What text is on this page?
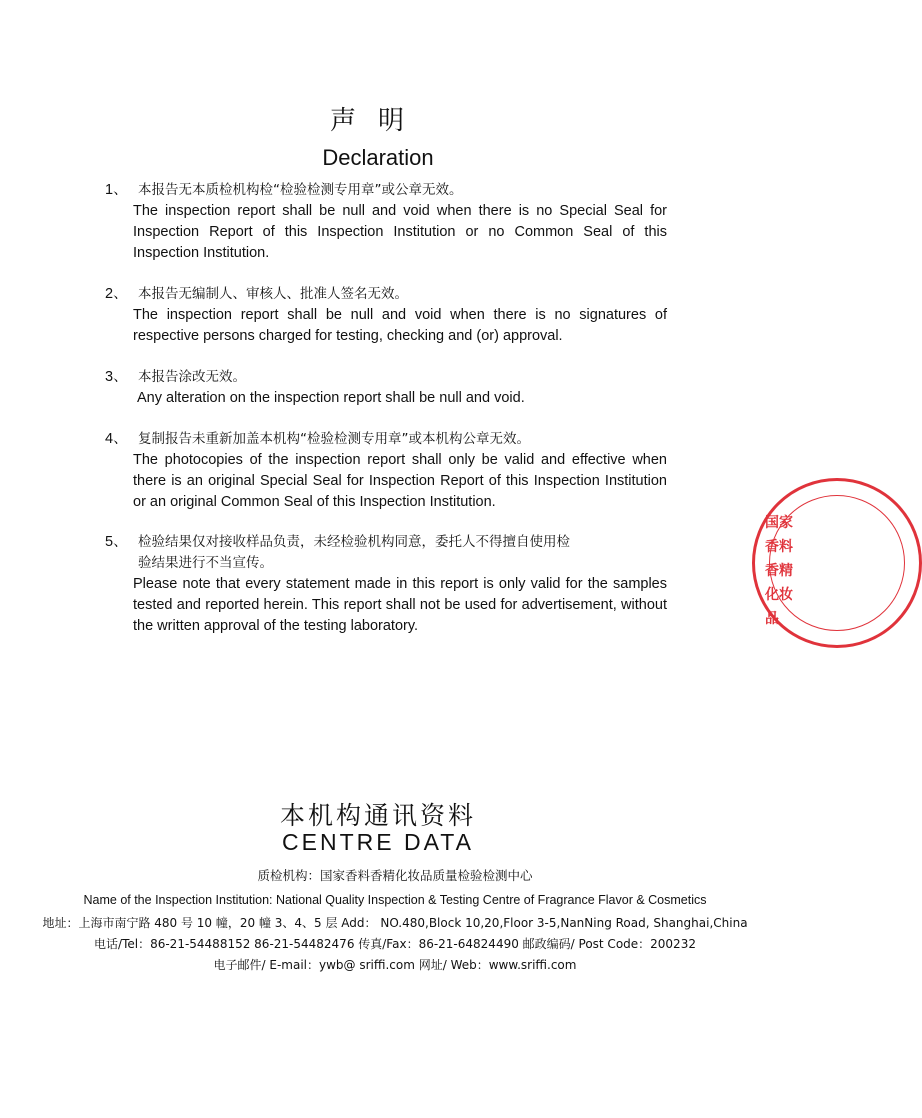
声明
Declaration
1、 本报告无本质检机构检“检验检测专用章”或公章无效。
The inspection report shall be null and void when there is no Special Seal for Inspection Report of this Inspection Institution or no Common Seal of this Inspection Institution.
2、 本报告无编制人、审核人、批准人签名无效。
The inspection report shall be null and void when there is no signatures of respective persons charged for testing, checking and (or) approval.
3、 本报告涂改无效。
Any alteration on the inspection report shall be null and void.
4、 复制报告未重新加盖本机构“检验检测专用章”或本机构公章无效。
The photocopies of the inspection report shall only be valid and effective when there is an original Special Seal for Inspection Report of this Inspection Institution or an original Common Seal of this Inspection Institution.
5、 检验结果仅对接收样品负责，未经检验机构同意，委托人不得擅自使用检
验结果进行不当宣传。
Please note that every statement made in this report is only valid for the samples tested and reported herein. This report shall not be used for advertisement, without the written approval of the testing laboratory.
本机构通讯资料
CENTRE DATA
质检机构：国家香料香精化妆品质量检验检测中心
Name of the Inspection Institution: National Quality Inspection & Testing Centre of Fragrance Flavor & Cosmetics
地址：上海市南宁路 480 号 10 幢，20 幢 3、4、5 层 Add： NO.480,Block 10,20,Floor 3-5,NanNing Road, Shanghai,China
电话/Tel：86-21-54488152 86-21-54482476 传真/Fax：86-21-64824490 邮政编码/ Post Code：200232
电子邮件/ E-mail：ywb@ sriffi.com 网址/ Web：www.sriffi.com
国家香料香精化妆品
